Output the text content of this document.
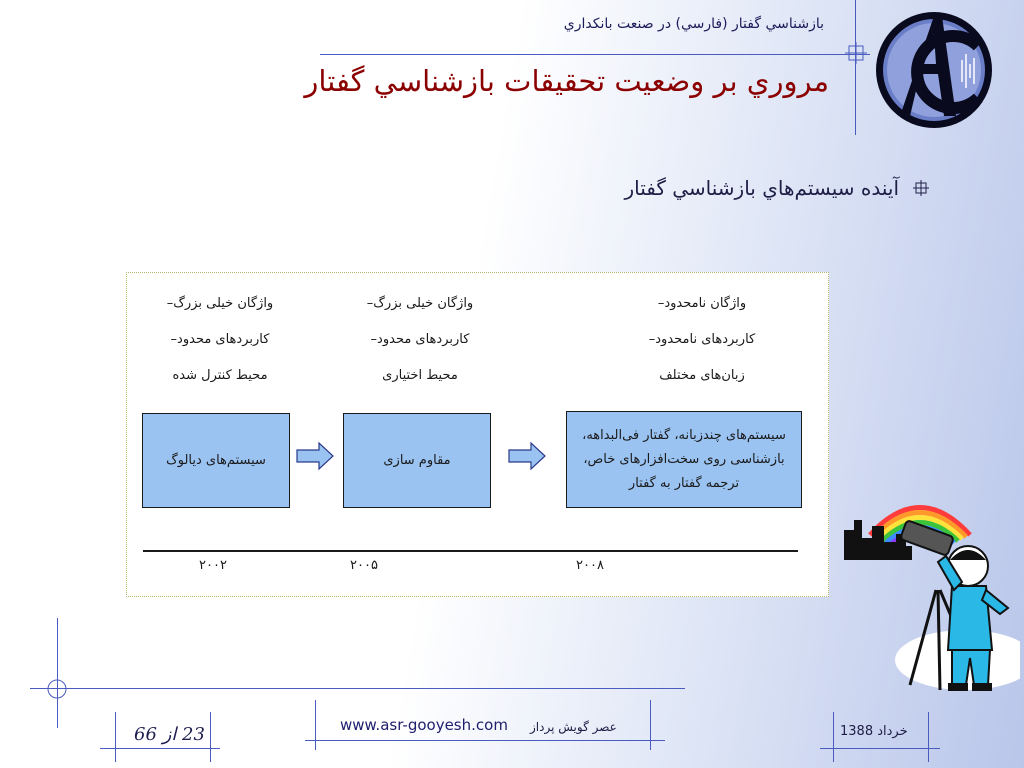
بازشناسي گفتار (فارسي) در صنعت بانكداري
مروري بر وضعيت تحقيقات بازشناسي گفتار
آينده سيستم‌هاي بازشناسي گفتار
واژگان خیلی بزرگ–
کاربردهای محدود–
محیط کنترل شده
واژگان خیلی بزرگ–
کاربردهای محدود–
محیط اختیاری
واژگان نامحدود–
کاربردهای نامحدود–
زبان‌های مختلف
سیستم‌های دیالوگ	مقاوم سازی
سیستم‌های چندزبانه، گفتار فی‌البداهه،
بازشناسی روی سخت‌افزارهای خاص،
ترجمه گفتار به گفتار
۲۰۰۲	۲۰۰۵	۲۰۰۸
23 از 66	www.asr-gooyesh.com عصر گویش پرداز	خرداد 1388
